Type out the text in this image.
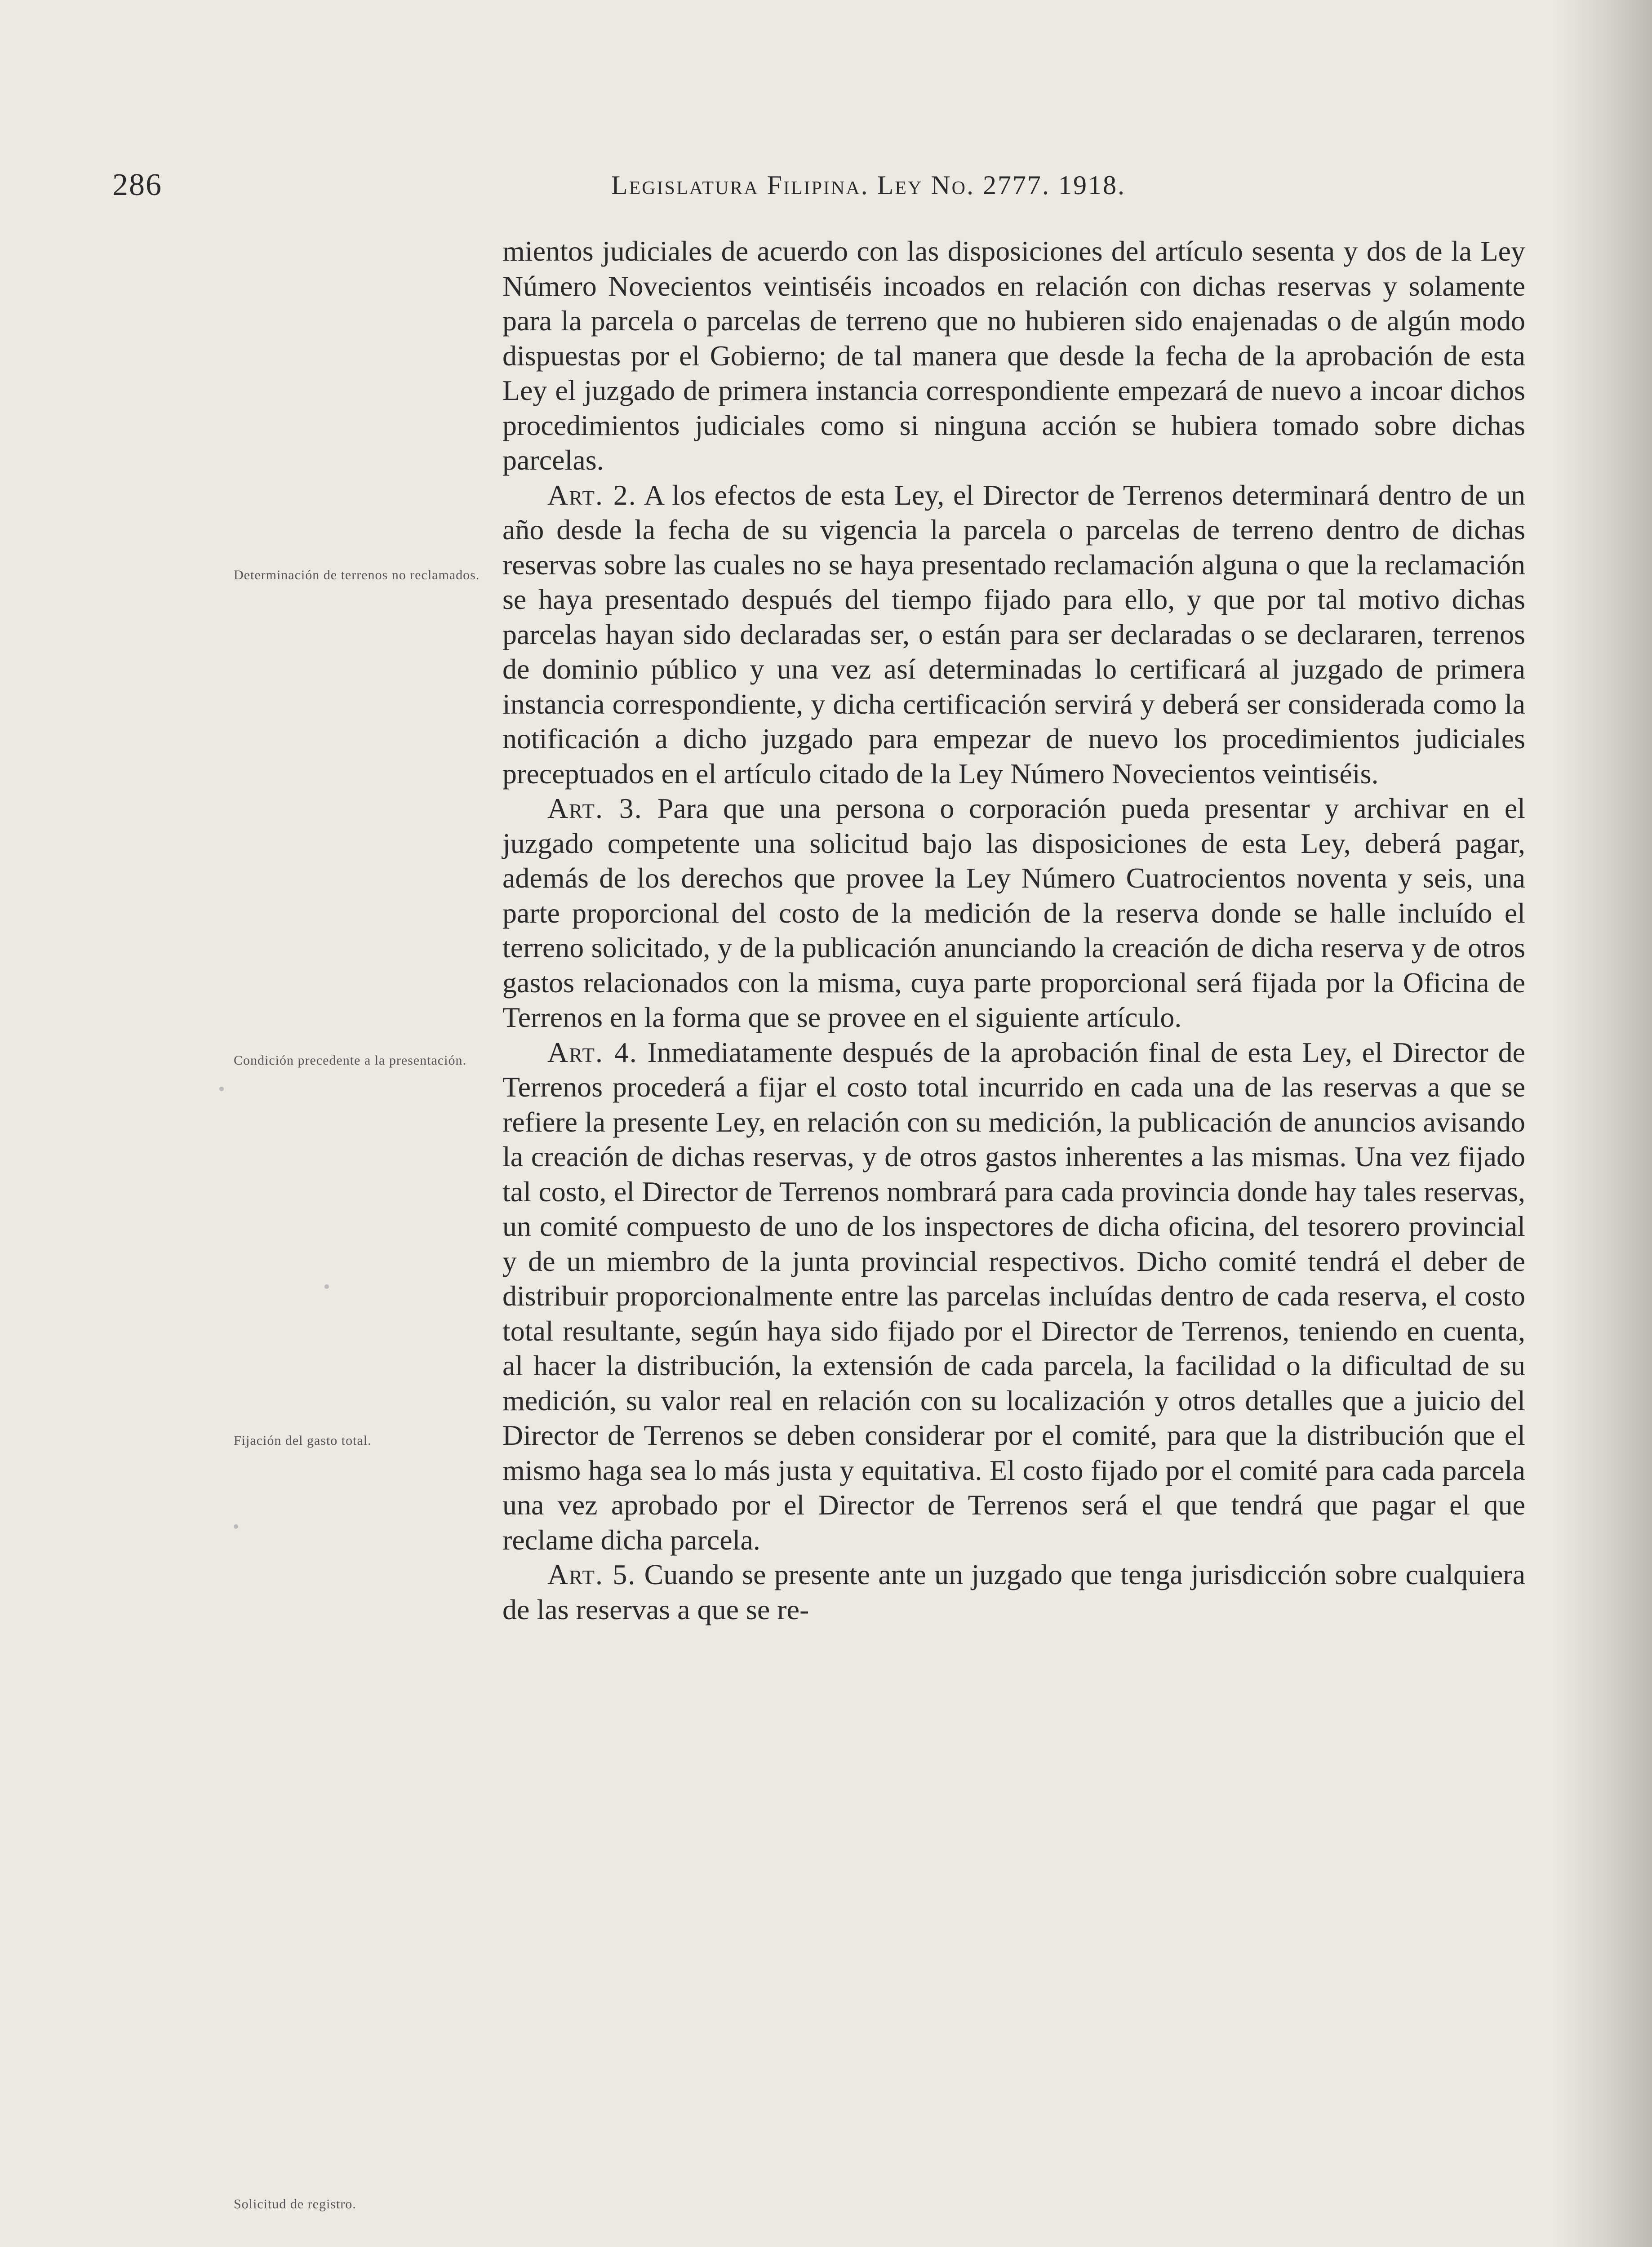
286	Legislatura Filipina. Ley No. 2777. 1918.
Determinación de terrenos no reclamados.
Condición precedente a la presentación.
Fijación del gasto total.
Solicitud de registro.

mientos judiciales de acuerdo con las disposiciones del artículo sesenta y dos de la Ley Número Novecientos veintiséis incoados en relación con dichas reservas y solamente para la parcela o parcelas de terreno que no hubieren sido enajenadas o de algún modo dispuestas por el Gobierno; de tal manera que desde la fecha de la aprobación de esta Ley el juzgado de primera instancia correspondiente empezará de nuevo a incoar dichos procedimientos judiciales como si ninguna acción se hubiera tomado sobre dichas parcelas.

Art. 2. A los efectos de esta Ley, el Director de Terrenos determinará dentro de un año desde la fecha de su vigencia la parcela o parcelas de terreno dentro de dichas reservas sobre las cuales no se haya presentado reclamación alguna o que la reclamación se haya presentado después del tiempo fijado para ello, y que por tal motivo dichas parcelas hayan sido declaradas ser, o están para ser declaradas o se declararen, terrenos de dominio público y una vez así determinadas lo certificará al juzgado de primera instancia correspondiente, y dicha certificación servirá y deberá ser considerada como la notificación a dicho juzgado para empezar de nuevo los procedimientos judiciales preceptuados en el artículo citado de la Ley Número Novecientos veintiséis.

Art. 3. Para que una persona o corporación pueda presentar y archivar en el juzgado competente una solicitud bajo las disposiciones de esta Ley, deberá pagar, además de los derechos que provee la Ley Número Cuatrocientos noventa y seis, una parte proporcional del costo de la medición de la reserva donde se halle incluído el terreno solicitado, y de la publicación anunciando la creación de dicha reserva y de otros gastos relacionados con la misma, cuya parte proporcional será fijada por la Oficina de Terrenos en la forma que se provee en el siguiente artículo.

Art. 4. Inmediatamente después de la aprobación final de esta Ley, el Director de Terrenos procederá a fijar el costo total incurrido en cada una de las reservas a que se refiere la presente Ley, en relación con su medición, la publicación de anuncios avisando la creación de dichas reservas, y de otros gastos inherentes a las mismas. Una vez fijado tal costo, el Director de Terrenos nombrará para cada provincia donde hay tales reservas, un comité compuesto de uno de los inspectores de dicha oficina, del tesorero provincial y de un miembro de la junta provincial respectivos. Dicho comité tendrá el deber de distribuir proporcionalmente entre las parcelas incluídas dentro de cada reserva, el costo total resultante, según haya sido fijado por el Director de Terrenos, teniendo en cuenta, al hacer la distribución, la extensión de cada parcela, la facilidad o la dificultad de su medición, su valor real en relación con su localización y otros detalles que a juicio del Director de Terrenos se deben considerar por el comité, para que la distribución que el mismo haga sea lo más justa y equitativa. El costo fijado por el comité para cada parcela una vez aprobado por el Director de Terrenos será el que tendrá que pagar el que reclame dicha parcela.

Art. 5. Cuando se presente ante un juzgado que tenga jurisdicción sobre cualquiera de las reservas a que se re-
